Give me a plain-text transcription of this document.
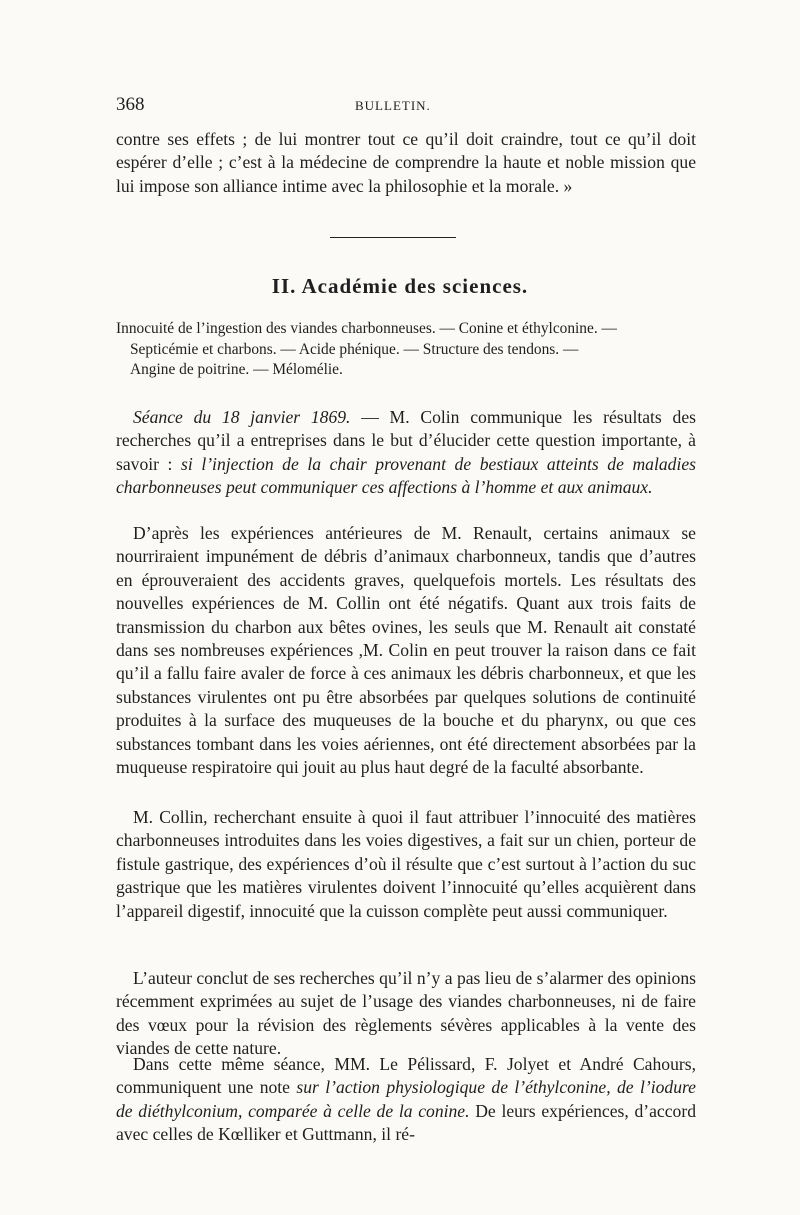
368	BULLETIN.

contre ses effets ; de lui montrer tout ce qu’il doit craindre, tout ce qu’il doit espérer d’elle ; c’est à la médecine de comprendre la haute et noble mission que lui impose son alliance intime avec la philosophie et la morale. »

II. Académie des sciences.

Innocuité de l’ingestion des viandes charbonneuses. — Conine et éthylconine. —
Septicémie et charbons. — Acide phénique. — Structure des tendons. —
Angine de poitrine. — Mélomélie.

Séance du 18 janvier 1869. — M. Colin communique les résultats des recherches qu’il a entreprises dans le but d’élucider cette question importante, à savoir : si l’injection de la chair provenant de bestiaux atteints de maladies charbonneuses peut communiquer ces affections à l’homme et aux animaux.

D’après les expériences antérieures de M. Renault, certains animaux se nourriraient impunément de débris d’animaux charbonneux, tandis que d’autres en éprouveraient des accidents graves, quelquefois mortels. Les résultats des nouvelles expériences de M. Collin ont été négatifs. Quant aux trois faits de transmission du charbon aux bêtes ovines, les seuls que M. Renault ait constaté dans ses nombreuses expériences ,M. Colin en peut trouver la raison dans ce fait qu’il a fallu faire avaler de force à ces animaux les débris charbonneux, et que les substances virulentes ont pu être absorbées par quelques solutions de continuité produites à la surface des muqueuses de la bouche et du pharynx, ou que ces substances tombant dans les voies aériennes, ont été directement absorbées par la muqueuse respiratoire qui jouit au plus haut degré de la faculté absorbante.

M. Collin, recherchant ensuite à quoi il faut attribuer l’innocuité des matières charbonneuses introduites dans les voies digestives, a fait sur un chien, porteur de fistule gastrique, des expériences d’où il résulte que c’est surtout à l’action du suc gastrique que les matières virulentes doivent l’innocuité qu’elles acquièrent dans l’appareil digestif, innocuité que la cuisson complète peut aussi communiquer.

L’auteur conclut de ses recherches qu’il n’y a pas lieu de s’alarmer des opinions récemment exprimées au sujet de l’usage des viandes charbonneuses, ni de faire des vœux pour la révision des règlements sévères applicables à la vente des viandes de cette nature.

Dans cette même séance, MM. Le Pélissard, F. Jolyet et André Cahours, communiquent une note sur l’action physiologique de l’éthylconine, de l’iodure de diéthylconium, comparée à celle de la conine. De leurs expériences, d’accord avec celles de Kœlliker et Guttmann, il ré-
